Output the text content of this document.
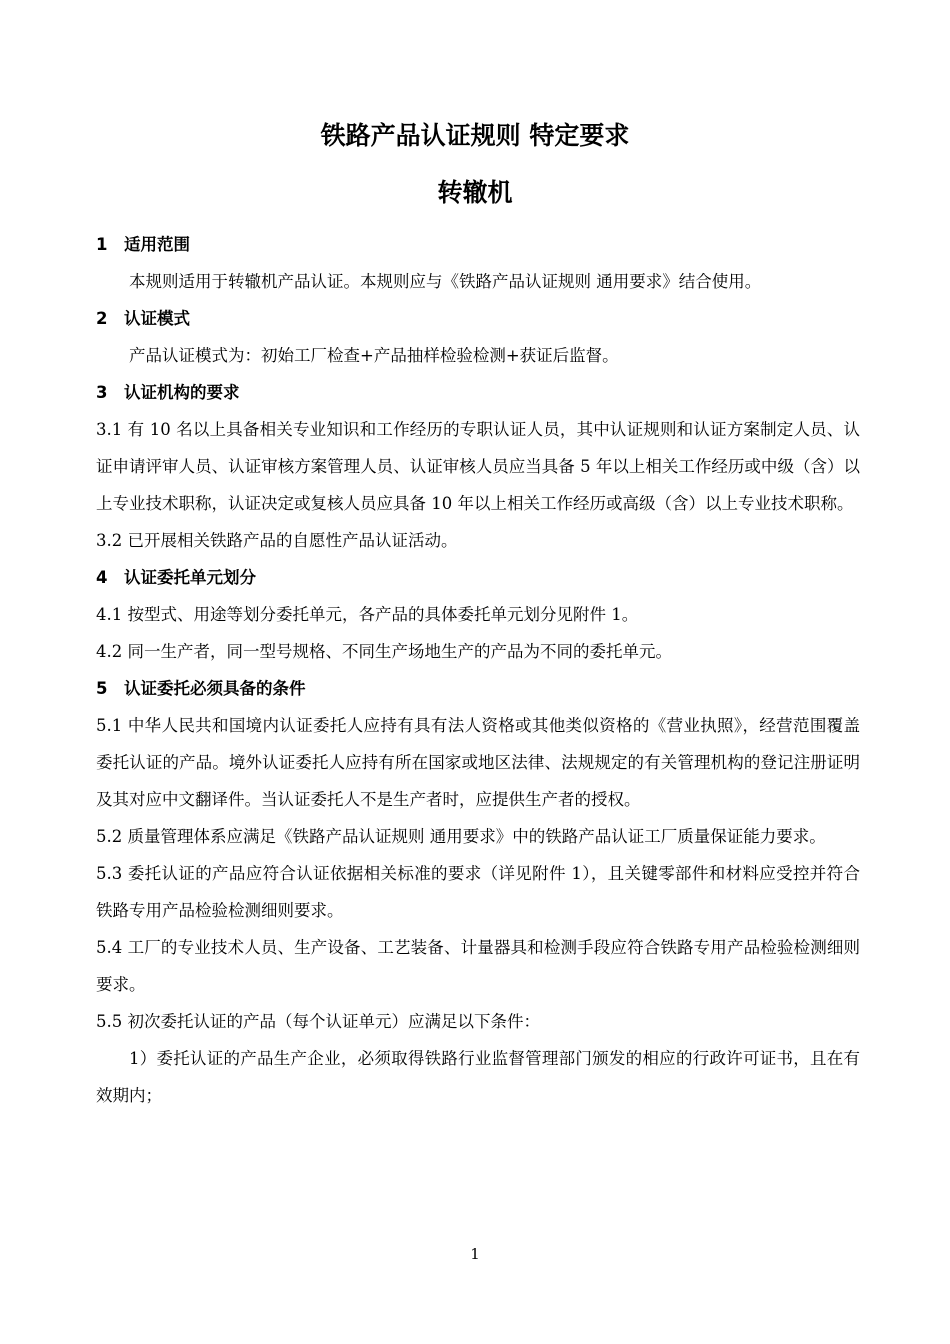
铁路产品认证规则 特定要求
转辙机
1 适用范围
本规则适用于转辙机产品认证。本规则应与《铁路产品认证规则 通用要求》结合使用。
2 认证模式
产品认证模式为：初始工厂检查+产品抽样检验检测+获证后监督。
3 认证机构的要求
3.1 有 10 名以上具备相关专业知识和工作经历的专职认证人员，其中认证规则和认证方案制定人员、认证申请评审人员、认证审核方案管理人员、认证审核人员应当具备 5 年以上相关工作经历或中级（含）以上专业技术职称，认证决定或复核人员应具备 10 年以上相关工作经历或高级（含）以上专业技术职称。
3.2 已开展相关铁路产品的自愿性产品认证活动。
4 认证委托单元划分
4.1 按型式、用途等划分委托单元，各产品的具体委托单元划分见附件 1。
4.2 同一生产者，同一型号规格、不同生产场地生产的产品为不同的委托单元。
5 认证委托必须具备的条件
5.1 中华人民共和国境内认证委托人应持有具有法人资格或其他类似资格的《营业执照》，经营范围覆盖委托认证的产品。境外认证委托人应持有所在国家或地区法律、法规规定的有关管理机构的登记注册证明及其对应中文翻译件。当认证委托人不是生产者时，应提供生产者的授权。
5.2 质量管理体系应满足《铁路产品认证规则 通用要求》中的铁路产品认证工厂质量保证能力要求。
5.3 委托认证的产品应符合认证依据相关标准的要求（详见附件 1），且关键零部件和材料应受控并符合铁路专用产品检验检测细则要求。
5.4 工厂的专业技术人员、生产设备、工艺装备、计量器具和检测手段应符合铁路专用产品检验检测细则要求。
5.5 初次委托认证的产品（每个认证单元）应满足以下条件：
1）委托认证的产品生产企业，必须取得铁路行业监督管理部门颁发的相应的行政许可证书，且在有效期内；
1
